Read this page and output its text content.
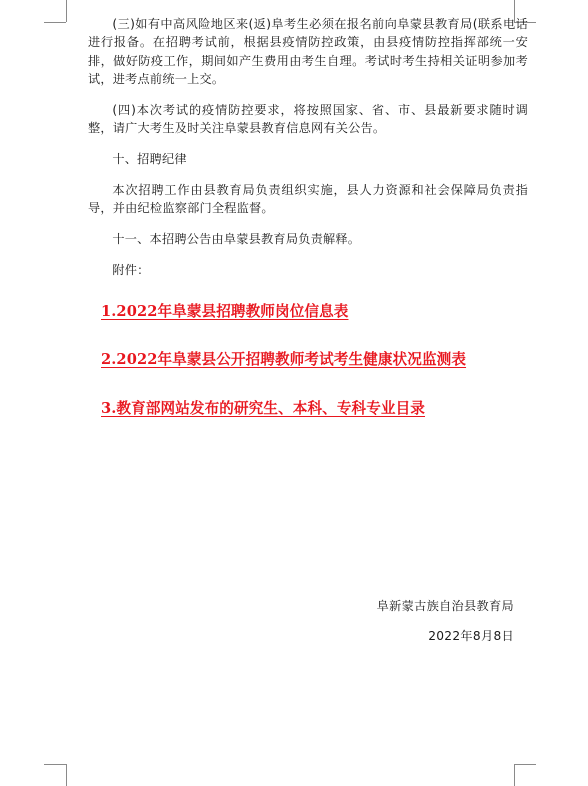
(三)如有中高风险地区来(返)阜考生必须在报名前向阜蒙县教育局(联系电话进行报备。在招聘考试前，根据县疫情防控政策，由县疫情防控指挥部统一安排，做好防疫工作，期间如产生费用由考生自理。考试时考生持相关证明参加考试，进考点前统一上交。

(四)本次考试的疫情防控要求，将按照国家、省、市、县最新要求随时调整，请广大考生及时关注阜蒙县教育信息网有关公告。

十、招聘纪律

本次招聘工作由县教育局负责组织实施，县人力资源和社会保障局负责指导，并由纪检监察部门全程监督。

十一、本招聘公告由阜蒙县教育局负责解释。

附件：

1.2022年阜蒙县招聘教师岗位信息表
2.2022年阜蒙县公开招聘教师考试考生健康状况监测表
3.教育部网站发布的研究生、本科、专科专业目录
阜新蒙古族自治县教育局
2022年8月8日
